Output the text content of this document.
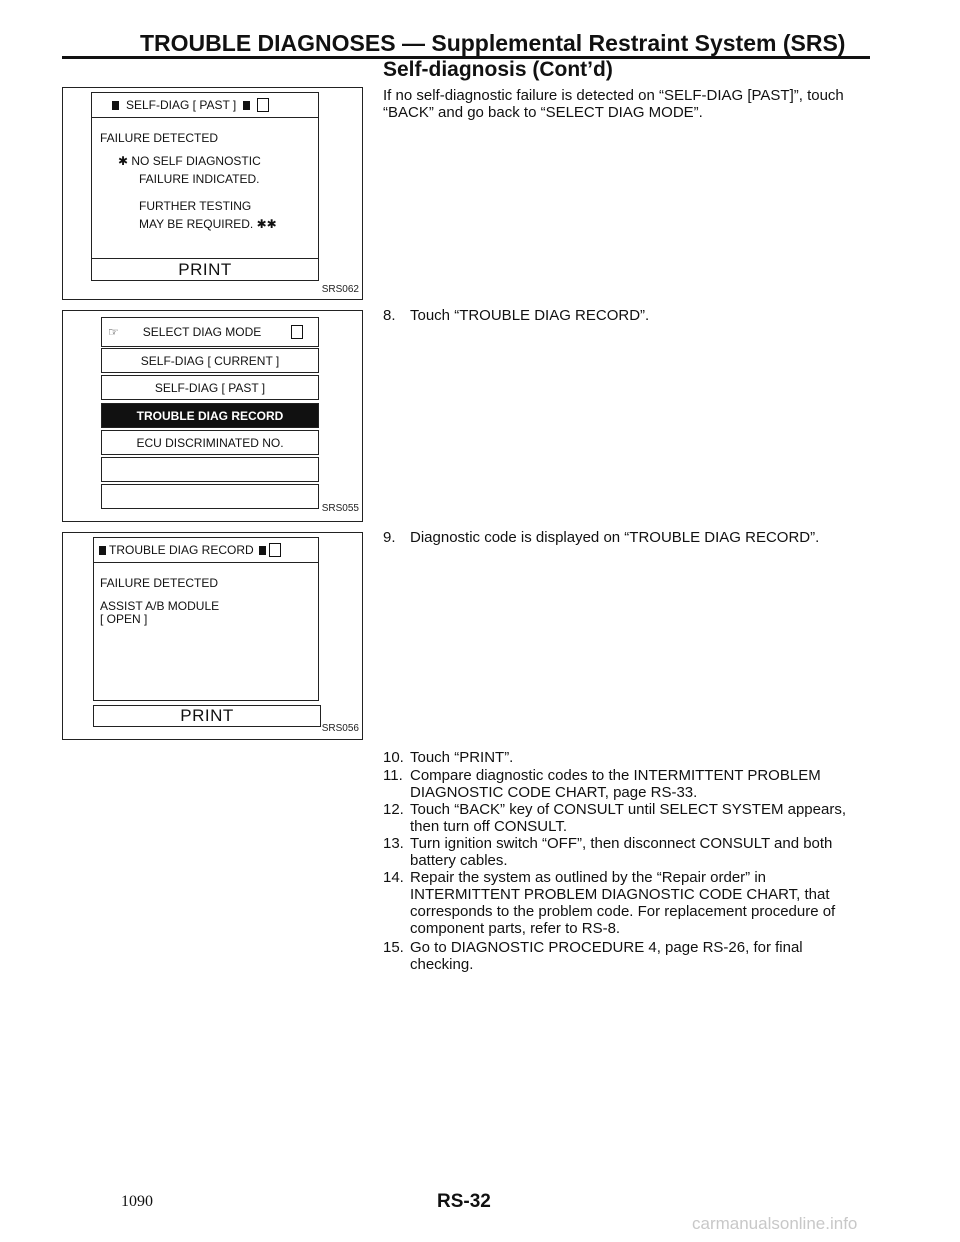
TROUBLE DIAGNOSES — Supplemental Restraint System (SRS)
Self-diagnosis (Cont’d)
SELF-DIAG [ PAST ]
FAILURE DETECTED
✱ NO SELF DIAGNOSTIC
FAILURE INDICATED.
FURTHER TESTING
MAY BE REQUIRED. ✱✱
PRINT
SRS062
☞ SELECT DIAG MODE
SELF-DIAG [ CURRENT ]
SELF-DIAG [ PAST ]
TROUBLE DIAG RECORD
ECU DISCRIMINATED NO.
SRS055
TROUBLE DIAG RECORD
FAILURE DETECTED
ASSIST A/B MODULE
[ OPEN ]
PRINT
SRS056
If no self-diagnostic failure is detected on “SELF-DIAG [PAST]”, touch “BACK” and go back to “SELECT DIAG MODE”.
8. Touch “TROUBLE DIAG RECORD”.
9. Diagnostic code is displayed on “TROUBLE DIAG RECORD”.
10. Touch “PRINT”.
11. Compare diagnostic codes to the INTERMITTENT PROBLEM DIAGNOSTIC CODE CHART, page RS-33.
12. Touch “BACK” key of CONSULT until SELECT SYSTEM appears, then turn off CONSULT.
13. Turn ignition switch “OFF”, then disconnect CONSULT and both battery cables.
14. Repair the system as outlined by the “Repair order” in INTERMITTENT PROBLEM DIAGNOSTIC CODE CHART, that corresponds to the problem code. For replacement procedure of component parts, refer to RS-8.
15. Go to DIAGNOSTIC PROCEDURE 4, page RS-26, for final checking.
1090	RS-32
carmanualsonline.info
